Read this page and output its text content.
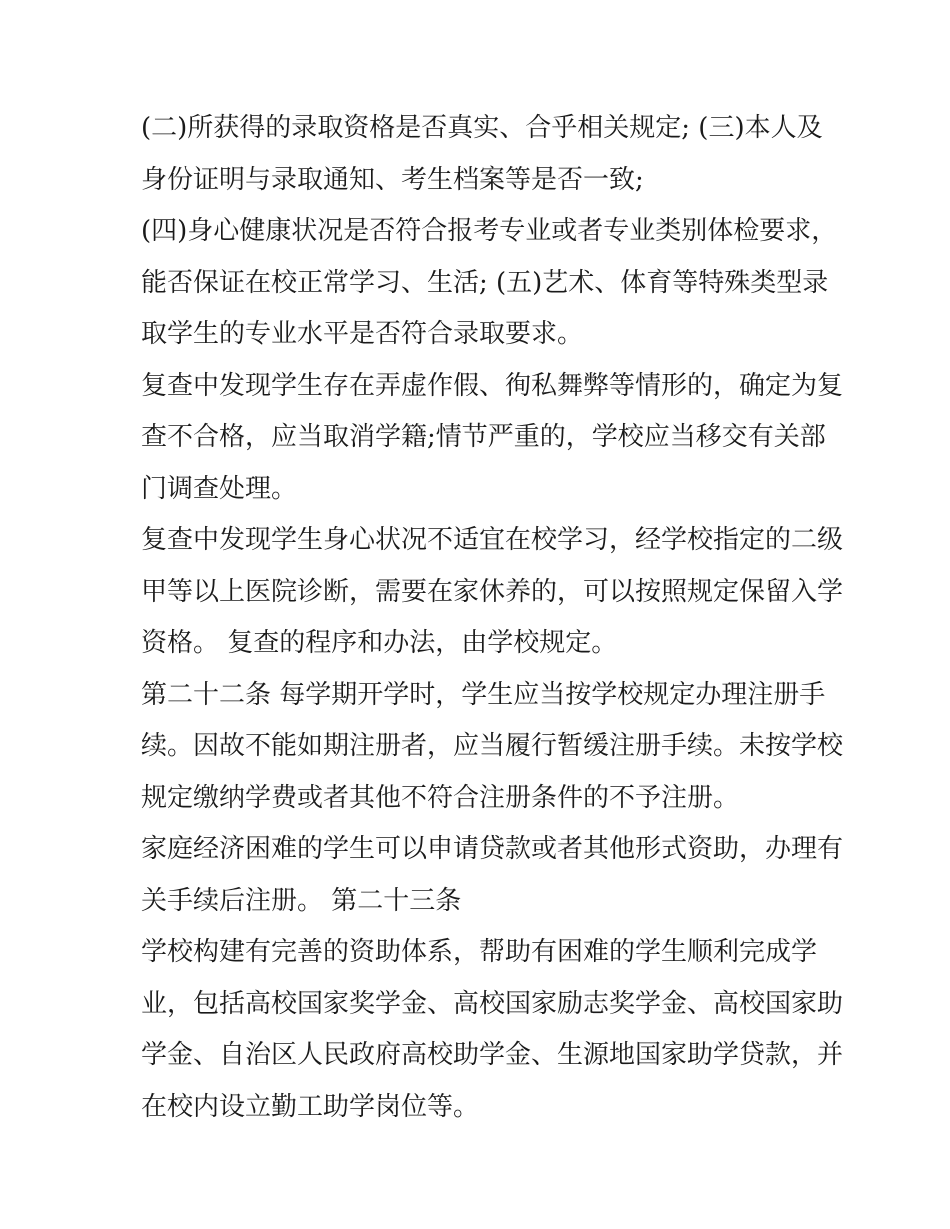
(二)所获得的录取资格是否真实、合乎相关规定; (三)本人及
身份证明与录取通知、考生档案等是否一致;
(四)身心健康状况是否符合报考专业或者专业类别体检要求，
能否保证在校正常学习、生活; (五)艺术、体育等特殊类型录
取学生的专业水平是否符合录取要求。
复查中发现学生存在弄虚作假、徇私舞弊等情形的，确定为复
查不合格，应当取消学籍;情节严重的，学校应当移交有关部
门调查处理。
复查中发现学生身心状况不适宜在校学习，经学校指定的二级
甲等以上医院诊断，需要在家休养的，可以按照规定保留入学
资格。 复查的程序和办法，由学校规定。
第二十二条 每学期开学时，学生应当按学校规定办理注册手
续。因故不能如期注册者，应当履行暂缓注册手续。未按学校
规定缴纳学费或者其他不符合注册条件的不予注册。
家庭经济困难的学生可以申请贷款或者其他形式资助，办理有
关手续后注册。 第二十三条
学校构建有完善的资助体系，帮助有困难的学生顺利完成学
业，包括高校国家奖学金、高校国家励志奖学金、高校国家助
学金、自治区人民政府高校助学金、生源地国家助学贷款，并
在校内设立勤工助学岗位等。
